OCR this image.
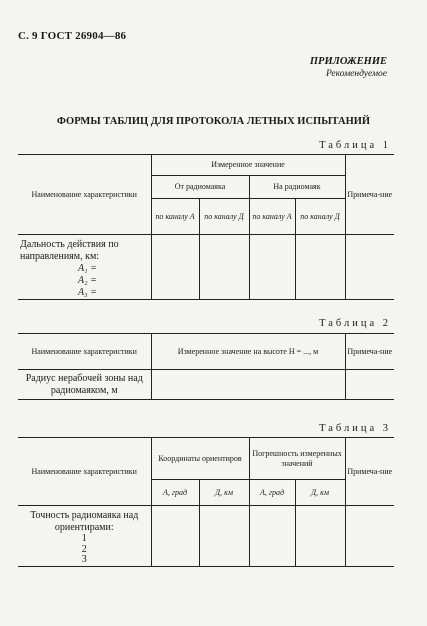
С. 9 ГОСТ 26904—86
ПРИЛОЖЕНИЕ
Рекомендуемое
ФОРМЫ ТАБЛИЦ ДЛЯ ПРОТОКОЛА ЛЕТНЫХ ИСПЫТАНИЙ
Таблица 1
Наименование характеристики	Измеренное значение				Примеча-ние
	От радиомаяка		На радиомаяк		
	по каналу А	по каналу Д	по каналу А	по каналу Д	

Дальность действия по направлениям, км:
A₁ =
A₂ =
A₃ =					

Таблица 2
Наименование характеристики	Измеренное значение на высоте Н = ..., м	Примеча-ние
Радиус нерабочей зоны над радиомаяком, м		
Таблица 3
Наименование характеристики	Координаты ориентиров		Погрешность измеренных значений		Примеча-ние
	А, град	Д, км	А, град	Д, км	

Точность радиомаяка над ориентирами:
1
2
3					
